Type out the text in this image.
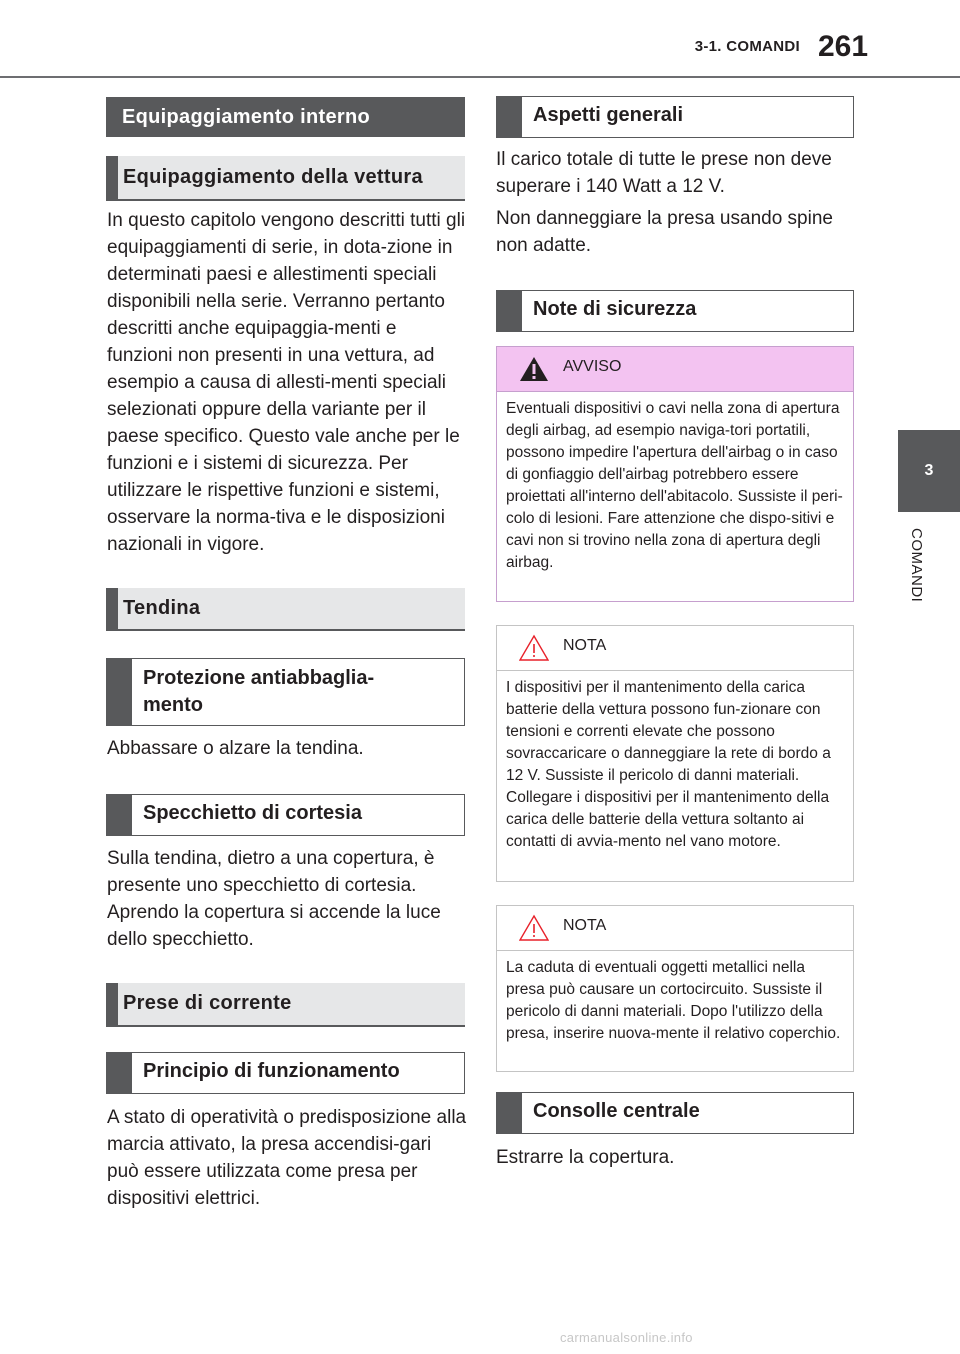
3-1. COMANDI 261
3
COMANDI
Equipaggiamento interno
Equipaggiamento della vettura
In questo capitolo vengono descritti tutti gli equipaggiamenti di serie, in dota-zione in determinati paesi e allestimenti speciali disponibili nella serie. Verranno pertanto descritti anche equipaggia-menti e funzioni non presenti in una vettura, ad esempio a causa di allesti-menti speciali selezionati oppure della variante per il paese specifico. Questo vale anche per le funzioni e i sistemi di sicurezza. Per utilizzare le rispettive funzioni e sistemi, osservare la norma-tiva e le disposizioni nazionali in vigore.
Tendina
Protezione antiabbaglia-mento
Abbassare o alzare la tendina.
Specchietto di cortesia
Sulla tendina, dietro a una copertura, è presente uno specchietto di cortesia. Aprendo la copertura si accende la luce dello specchietto.
Prese di corrente
Principio di funzionamento
A stato di operatività o predisposizione alla marcia attivato, la presa accendisi-gari può essere utilizzata come presa per dispositivi elettrici.
Aspetti generali
Il carico totale di tutte le prese non deve superare i 140 Watt a 12 V.
Non danneggiare la presa usando spine non adatte.
Note di sicurezza
AVVISO
Eventuali dispositivi o cavi nella zona di apertura degli airbag, ad esempio naviga-tori portatili, possono impedire l'apertura dell'airbag o in caso di gonfiaggio dell'airbag potrebbero essere proiettati all'interno dell'abitacolo. Sussiste il peri-colo di lesioni. Fare attenzione che dispo-sitivi e cavi non si trovino nella zona di apertura degli airbag.
NOTA
I dispositivi per il mantenimento della carica batterie della vettura possono fun-zionare con tensioni e correnti elevate che possono sovraccaricare o danneggiare la rete di bordo a 12 V. Sussiste il pericolo di danni materiali. Collegare i dispositivi per il mantenimento della carica delle batterie della vettura soltanto ai contatti di avvia-mento nel vano motore.
NOTA
La caduta di eventuali oggetti metallici nella presa può causare un cortocircuito. Sussiste il pericolo di danni materiali. Dopo l'utilizzo della presa, inserire nuova-mente il relativo coperchio.
Consolle centrale
Estrarre la copertura.
carmanualsonline.info
